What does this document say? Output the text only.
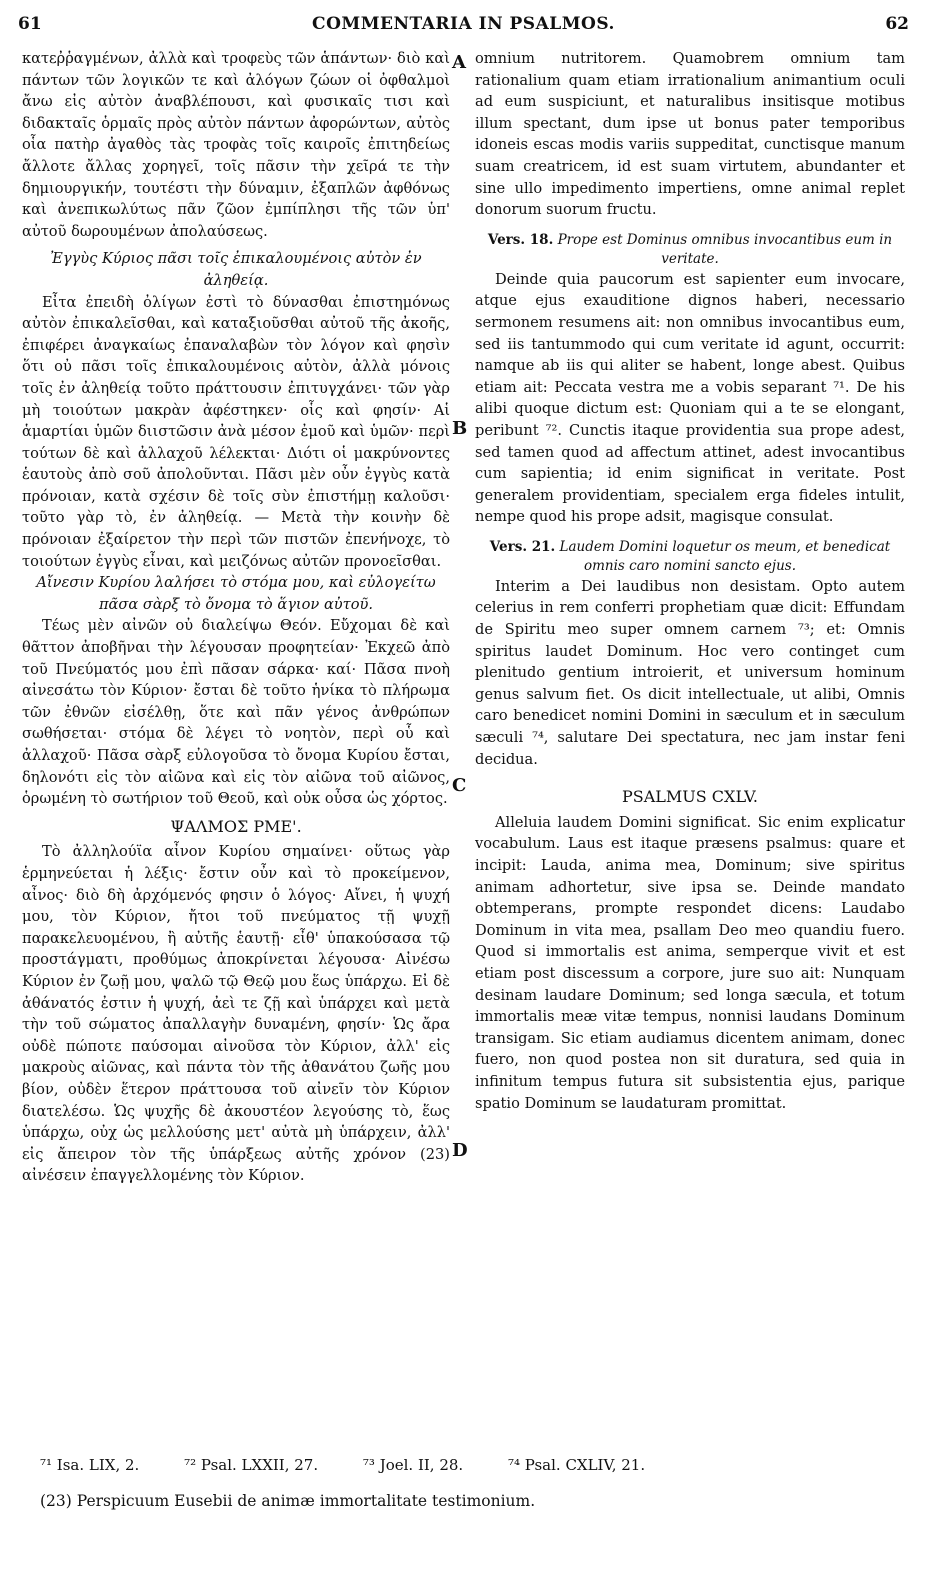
61	COMMENTARIA IN PSALMOS.	62

κατεῤῥαγμένων, ἀλλὰ καὶ τροφεὺς τῶν ἁπάντων· διὸ καὶ πάντων τῶν λογικῶν τε καὶ ἀλόγων ζώων οἱ ὀφθαλμοὶ ἄνω εἰς αὐτὸν ἀναβλέπουσι, καὶ φυσικαῖς τισι καὶ διδακταῖς ὁρμαῖς πρὸς αὐτὸν πάντων ἀφορώντων, αὐτὸς οἷα πατὴρ ἀγαθὸς τὰς τροφὰς τοῖς καιροῖς ἐπιτηδείως ἄλλοτε ἄλλας χορηγεῖ, τοῖς πᾶσιν τὴν χεῖρά τε τὴν δημιουργικήν, τουτέστι τὴν δύναμιν, ἐξαπλῶν ἀφθόνως καὶ ἀνεπικωλύτως πᾶν ζῶον ἐμπίπλησι τῆς τῶν ὑπ' αὐτοῦ δωρουμένων ἀπολαύσεως.

Ἐγγὺς Κύριος πᾶσι τοῖς ἐπικαλουμένοις αὐτὸν ἐν ἀληθείᾳ.

Εἶτα ἐπειδὴ ὀλίγων ἐστὶ τὸ δύνασθαι ἐπιστημόνως αὐτὸν ἐπικαλεῖσθαι, καὶ καταξιοῦσθαι αὐτοῦ τῆς ἀκοῆς, ἐπιφέρει ἀναγκαίως ἐπαναλαβὼν τὸν λόγον καὶ φησὶν ὅτι οὐ πᾶσι τοῖς ἐπικαλουμένοις αὐτὸν, ἀλλὰ μόνοις τοῖς ἐν ἀληθείᾳ τοῦτο πράττουσιν ἐπιτυγχάνει· τῶν γὰρ μὴ τοιούτων μακρὰν ἀφέστηκεν· οἷς καὶ φησίν· Αἱ ἁμαρτίαι ὑμῶν διιστῶσιν ἀνὰ μέσον ἐμοῦ καὶ ὑμῶν· περὶ τούτων δὲ καὶ ἀλλαχοῦ λέλεκται· Διότι οἱ μακρύνοντες ἑαυτοὺς ἀπὸ σοῦ ἀπολοῦνται. Πᾶσι μὲν οὖν ἐγγὺς κατὰ πρόνοιαν, κατὰ σχέσιν δὲ τοῖς σὺν ἐπιστήμῃ καλοῦσι· τοῦτο γὰρ τὸ, ἐν ἀληθείᾳ. — Μετὰ τὴν κοινὴν δὲ πρόνοιαν ἐξαίρετον τὴν περὶ τῶν πιστῶν ἐπενήνοχε, τὸ τοιούτων ἐγγὺς εἶναι, καὶ μειζόνως αὐτῶν προνοεῖσθαι.

Αἴνεσιν Κυρίου λαλήσει τὸ στόμα μου, καὶ εὐλογείτω πᾶσα σὰρξ τὸ ὄνομα τὸ ἅγιον αὐτοῦ.

Τέως μὲν αἰνῶν οὐ διαλείψω Θεόν. Εὔχομαι δὲ καὶ θᾶττον ἀποβῆναι τὴν λέγουσαν προφητείαν· Ἐκχεῶ ἀπὸ τοῦ Πνεύματός μου ἐπὶ πᾶσαν σάρκα· καί· Πᾶσα πνοὴ αἰνεσάτω τὸν Κύριον· ἔσται δὲ τοῦτο ἡνίκα τὸ πλήρωμα τῶν ἐθνῶν εἰσέλθῃ, ὅτε καὶ πᾶν γένος ἀνθρώπων σωθήσεται· στόμα δὲ λέγει τὸ νοητὸν, περὶ οὗ καὶ ἀλλαχοῦ· Πᾶσα σὰρξ εὐλογοῦσα τὸ ὄνομα Κυρίου ἔσται, δηλονότι εἰς τὸν αἰῶνα καὶ εἰς τὸν αἰῶνα τοῦ αἰῶνος, ὁρωμένη τὸ σωτήριον τοῦ Θεοῦ, καὶ οὐκ οὖσα ὡς χόρτος.

ΨΑΛΜΟΣ ΡΜΕ'.

Τὸ ἀλληλούϊα αἶνον Κυρίου σημαίνει· οὕτως γὰρ ἑρμηνεύεται ἡ λέξις· ἔστιν οὖν καὶ τὸ προκείμενον, αἶνος· διὸ δὴ ἀρχόμενός φησιν ὁ λόγος· Αἴνει, ἡ ψυχή μου, τὸν Κύριον, ἤτοι τοῦ πνεύματος τῇ ψυχῇ παρακελευομένου, ἢ αὐτῆς ἑαυτῇ· εἶθ' ὑπακούσασα τῷ προστάγματι, προθύμως ἀποκρίνεται λέγουσα· Αἰνέσω Κύριον ἐν ζωῇ μου, ψαλῶ τῷ Θεῷ μου ἕως ὑπάρχω. Εἰ δὲ ἀθάνατός ἐστιν ἡ ψυχή, ἀεὶ τε ζῇ καὶ ὑπάρχει καὶ μετὰ τὴν τοῦ σώματος ἀπαλλαγὴν δυναμένη, φησίν· Ὡς ἄρα οὐδὲ πώποτε παύσομαι αἰνοῦσα τὸν Κύριον, ἀλλ' εἰς μακροὺς αἰῶνας, καὶ πάντα τὸν τῆς ἀθανάτου ζωῆς μου βίον, οὐδὲν ἕτερον πράττουσα τοῦ αἰνεῖν τὸν Κύριον διατελέσω. Ὡς ψυχῆς δὲ ἀκουστέον λεγούσης τὸ, ἕως ὑπάρχω, οὐχ ὡς μελλούσης μετ' αὐτὰ μὴ ὑπάρχειν, ἀλλ' εἰς ἄπειρον τὸν τῆς ὑπάρξεως αὐτῆς χρόνον (23) αἰνέσειν ἐπαγγελλομένης τὸν Κύριον.

A
B
C
D

omnium nutritorem. Quamobrem omnium tam rationalium quam etiam irrationalium animantium oculi ad eum suspiciunt, et naturalibus insitisque motibus illum spectant, dum ipse ut bonus pater temporibus idoneis escas modis variis suppeditat, cunctisque manum suam creatricem, id est suam virtutem, abundanter et sine ullo impedimento impertiens, omne animal replet donorum suorum fructu.

Vers. 18. Prope est Dominus omnibus invocantibus eum in veritate.

Deinde quia paucorum est sapienter eum invocare, atque ejus exauditione dignos haberi, necessario sermonem resumens ait: non omnibus invocantibus eum, sed iis tantummodo qui cum veritate id agunt, occurrit: namque ab iis qui aliter se habent, longe abest. Quibus etiam ait: Peccata vestra me a vobis separant ⁷¹. De his alibi quoque dictum est: Quoniam qui a te se elongant, peribunt ⁷². Cunctis itaque providentia sua prope adest, sed tamen quod ad affectum attinet, adest invocantibus cum sapientia; id enim significat in veritate. Post generalem providentiam, specialem erga fideles intulit, nempe quod his prope adsit, magisque consulat.

Vers. 21. Laudem Domini loquetur os meum, et benedicat omnis caro nomini sancto ejus.

Interim a Dei laudibus non desistam. Opto autem celerius in rem conferri prophetiam quæ dicit: Effundam de Spiritu meo super omnem carnem ⁷³; et: Omnis spiritus laudet Dominum. Hoc vero continget cum plenitudo gentium introierit, et universum hominum genus salvum fiet. Os dicit intellectuale, ut alibi, Omnis caro benedicet nomini Domini in sæculum et in sæculum sæculi ⁷⁴, salutare Dei spectatura, nec jam instar feni decidua.

PSALMUS CXLV.

Alleluia laudem Domini significat. Sic enim explicatur vocabulum. Laus est itaque præsens psalmus: quare et incipit: Lauda, anima mea, Dominum; sive spiritus animam adhortetur, sive ipsa se. Deinde mandato obtemperans, prompte respondet dicens: Laudabo Dominum in vita mea, psallam Deo meo quandiu fuero. Quod si immortalis est anima, semperque vivit et est etiam post discessum a corpore, jure suo ait: Nunquam desinam laudare Dominum; sed longa sæcula, et totum immortalis meæ vitæ tempus, nonnisi laudans Dominum transigam. Sic etiam audiamus dicentem animam, donec fuero, non quod postea non sit duratura, sed quia in infinitum tempus futura sit subsistentia ejus, parique spatio Dominum se laudaturam promittat.

⁷¹ Isa. LIX, 2.	⁷² Psal. LXXII, 27.	⁷³ Joel. II, 28.	⁷⁴ Psal. CXLIV, 21.
(23) Perspicuum Eusebii de animæ immortalitate testimonium.
